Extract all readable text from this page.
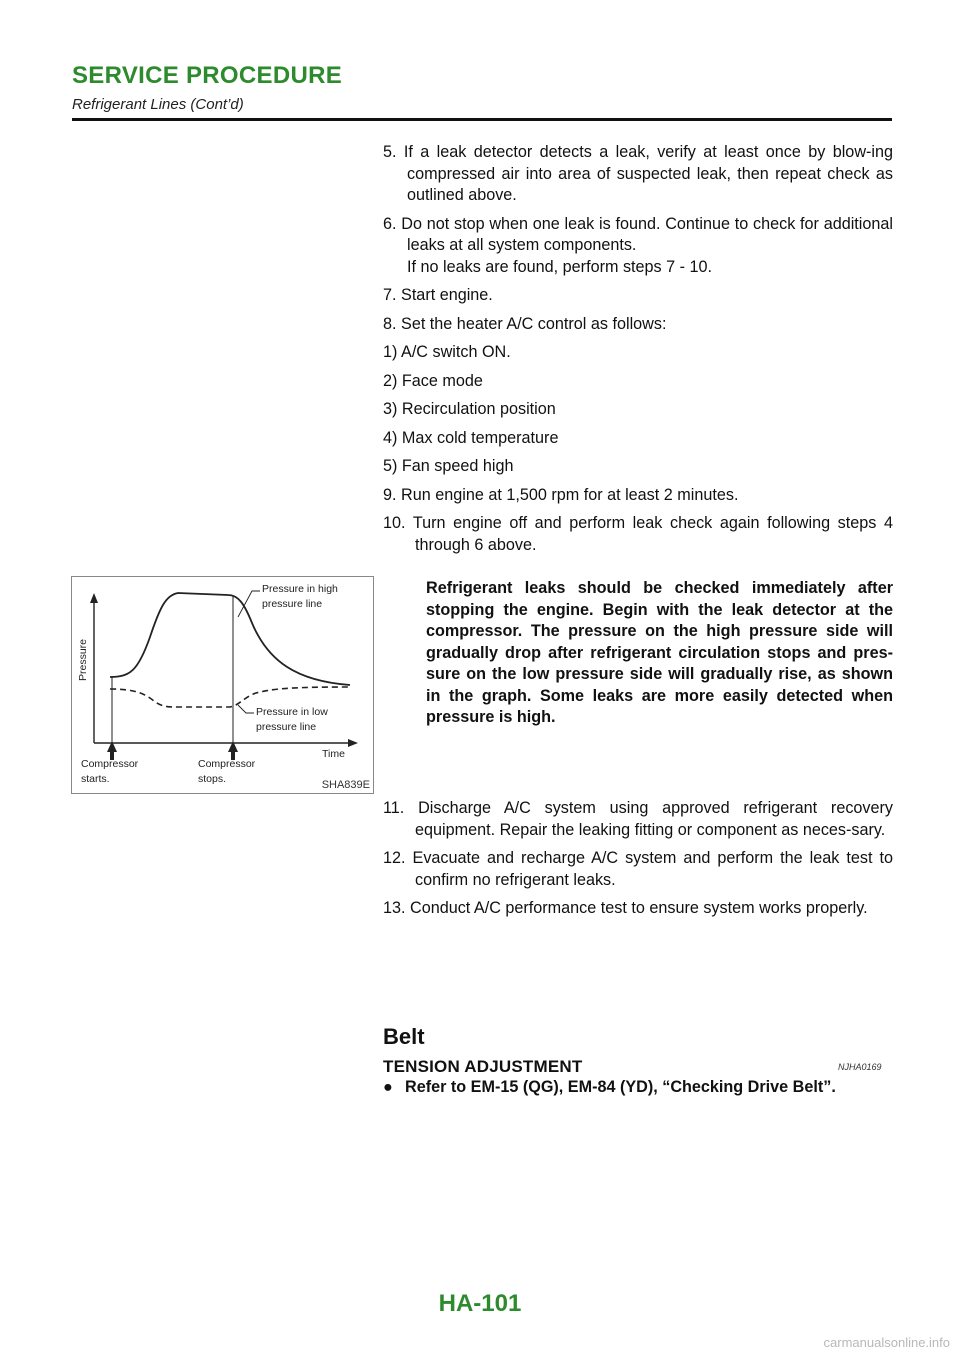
SERVICE PROCEDURE
Refrigerant Lines (Cont’d)
5. If a leak detector detects a leak, verify at least once by blow-ing compressed air into area of suspected leak, then repeat check as outlined above.
6. Do not stop when one leak is found. Continue to check for additional leaks at all system components.
If no leaks are found, perform steps 7 - 10.
7. Start engine.
8. Set the heater A/C control as follows:
1) A/C switch ON.
2) Face mode
3) Recirculation position
4) Max cold temperature
5) Fan speed high
9. Run engine at 1,500 rpm for at least 2 minutes.
10. Turn engine off and perform leak check again following steps 4 through 6 above.
Pressure in high
pressure line
Pressure in low
pressure line
Pressure
Time
Compressor
starts.
Compressor
stops.	SHA839E

Refrigerant leaks should be checked immediately after stopping the engine. Begin with the leak detector at the compressor. The pressure on the high pressure side will gradually drop after refrigerant circulation stops and pres-sure on the low pressure side will gradually rise, as shown in the graph. Some leaks are more easily detected when pressure is high.

11. Discharge A/C system using approved refrigerant recovery equipment. Repair the leaking fitting or component as neces-sary.
12. Evacuate and recharge A/C system and perform the leak test to confirm no refrigerant leaks.
13. Conduct A/C performance test to ensure system works properly.
Belt
TENSION ADJUSTMENT	NJHA0169
● Refer to EM-15 (QG), EM-84 (YD), “Checking Drive Belt”.
HA-101
carmanualsonline.info
